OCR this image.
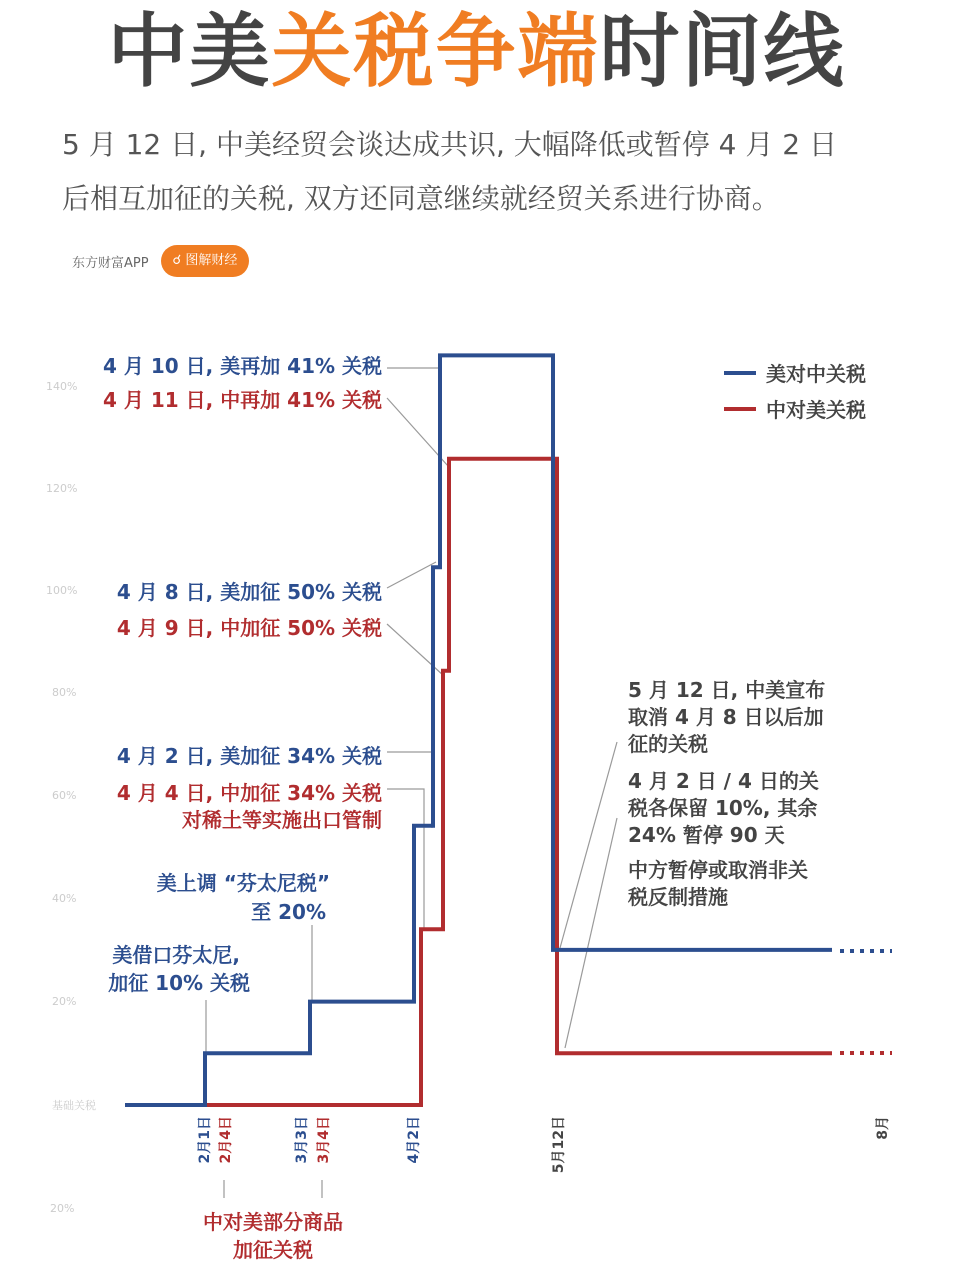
中美关税争端时间线
5 月 12 日, 中美经贸会谈达成共识, 大幅降低或暂停 4 月 2 日
后相互加征的关税, 双方还同意继续就经贸关系进行协商。
东方财富APP	☌ 图解财经
基础关税
20%
40%
60%
80%
100%
120%
140%
20%
美对中关税
中对美关税
4 月 10 日, 美再加 41% 关税
4 月 11 日, 中再加 41% 关税
4 月 8 日, 美加征 50% 关税
4 月 9 日, 中加征 50% 关税
4 月 2 日, 美加征 34% 关税
4 月 4 日, 中加征 34% 关税
对稀土等实施出口管制
美上调 “芬太尼税”
至 20%
美借口芬太尼,
加征 10% 关税
中对美部分商品
加征关税
5 月 12 日, 中美宣布
取消 4 月 8 日以后加
征的关税
4 月 2 日 / 4 日的关
税各保留 10%, 其余
24% 暂停 90 天
中方暂停或取消非关
税反制措施
2月1日 2月4日	3月3日 3月4日	4月2日	5月12日	8月
